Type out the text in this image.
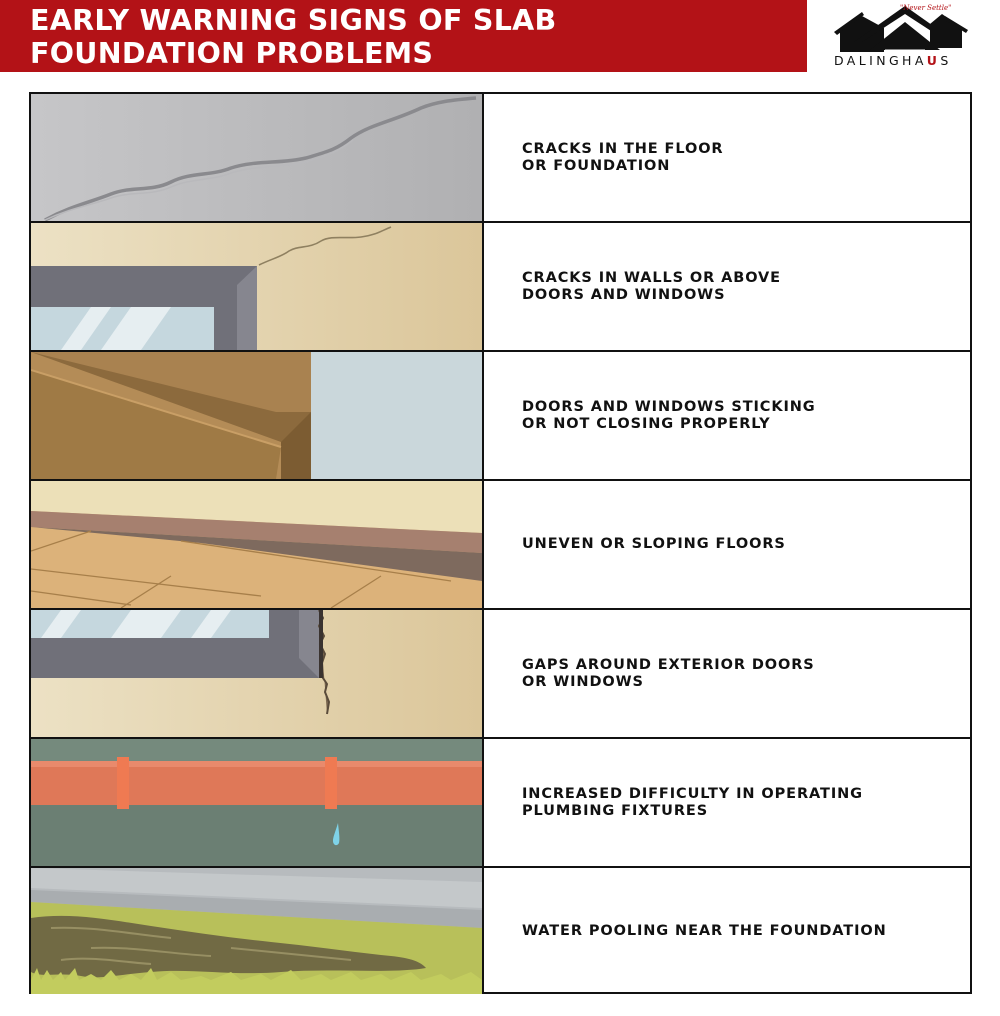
EARLY WARNING SIGNS OF SLAB
FOUNDATION PROBLEMS
"Never Settle"
DALINGHAUS
CRACKS IN THE FLOOR
OR FOUNDATION
CRACKS IN WALLS OR ABOVE
DOORS AND WINDOWS
DOORS AND WINDOWS STICKING
OR NOT CLOSING PROPERLY
UNEVEN OR SLOPING FLOORS
GAPS AROUND EXTERIOR DOORS
OR WINDOWS
INCREASED DIFFICULTY IN OPERATING
PLUMBING FIXTURES
WATER POOLING NEAR THE FOUNDATION
